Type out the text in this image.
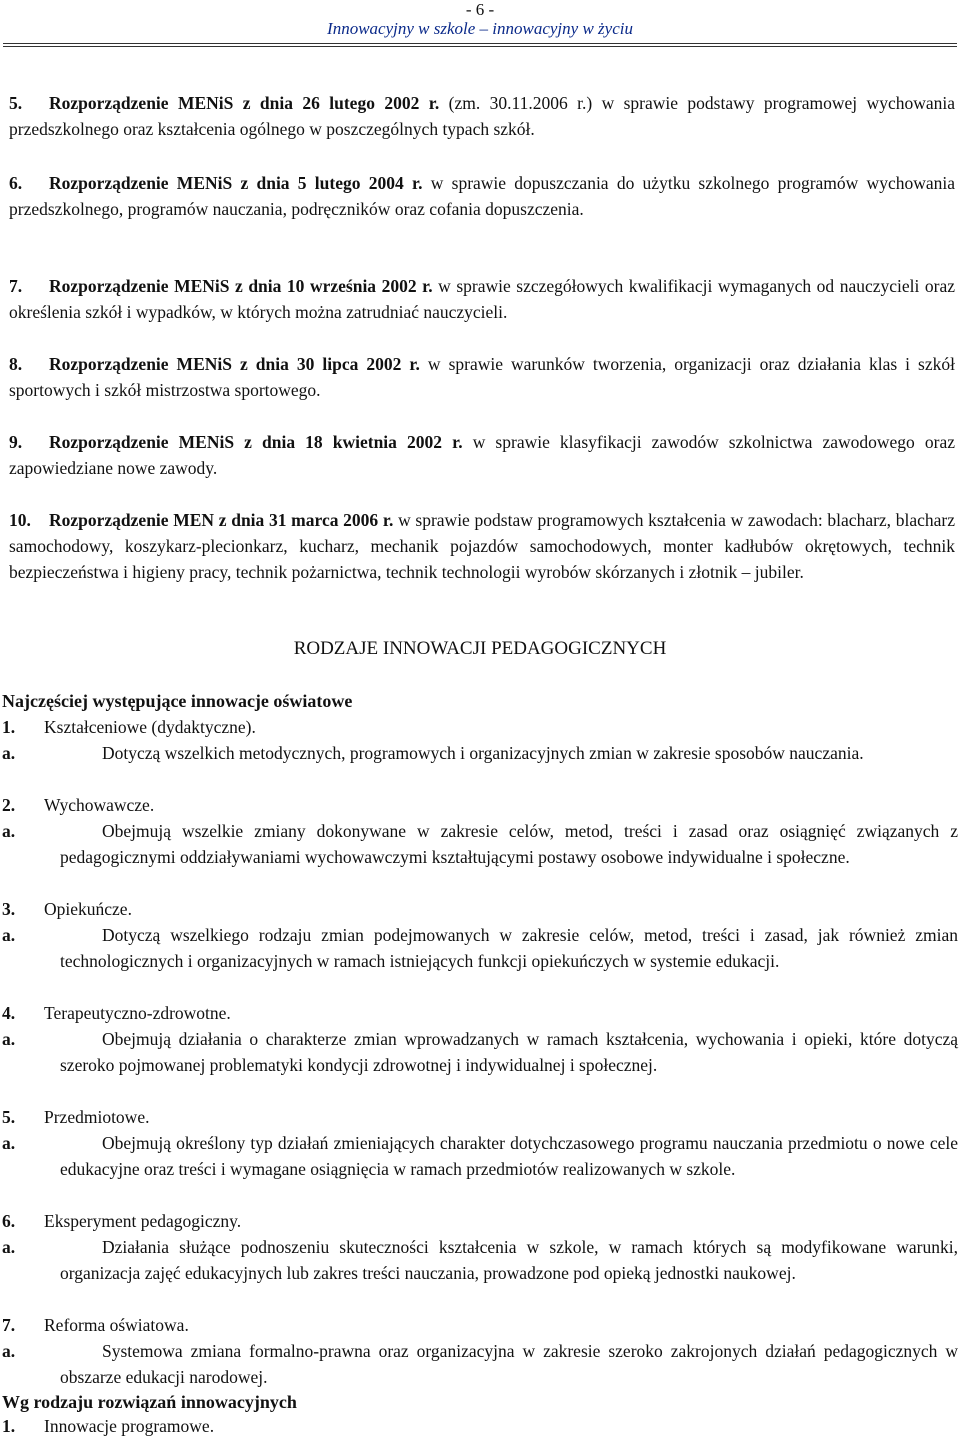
- 6 -
Innowacyjny w szkole – innowacyjny w życiu
5. Rozporządzenie MENiS z dnia 26 lutego 2002 r. (zm. 30.11.2006 r.) w sprawie podstawy programowej wychowania przedszkolnego oraz kształcenia ogólnego w poszczególnych typach szkół.
6. Rozporządzenie MENiS z dnia 5 lutego 2004 r. w sprawie dopuszczania do użytku szkolnego programów wychowania przedszkolnego, programów nauczania, podręczników oraz cofania dopuszczenia.
7. Rozporządzenie MENiS z dnia 10 września 2002 r. w sprawie szczegółowych kwalifikacji wymaganych od nauczycieli oraz określenia szkół i wypadków, w których można zatrudniać nauczycieli.
8. Rozporządzenie MENiS z dnia 30 lipca 2002 r. w sprawie warunków tworzenia, organizacji oraz działania klas i szkół sportowych i szkół mistrzostwa sportowego.
9. Rozporządzenie MENiS z dnia 18 kwietnia 2002 r. w sprawie klasyfikacji zawodów szkolnictwa zawodowego oraz zapowiedziane nowe zawody.
10. Rozporządzenie MEN z dnia 31 marca 2006 r. w sprawie podstaw programowych kształcenia w zawodach: blacharz, blacharz samochodowy, koszykarz-plecionkarz, kucharz, mechanik pojazdów samochodowych, monter kadłubów okrętowych, technik bezpieczeństwa i higieny pracy, technik pożarnictwa, technik technologii wyrobów skórzanych i złotnik – jubiler.
RODZAJE INNOWACJI PEDAGOGICZNYCH
Najczęściej występujące innowacje oświatowe
1. Kształceniowe (dydaktyczne).
a.	Dotyczą wszelkich metodycznych, programowych i organizacyjnych zmian w zakresie sposobów nauczania.
2. Wychowawcze.
a.	Obejmują wszelkie zmiany dokonywane w zakresie celów, metod, treści i zasad oraz osiągnięć związanych z pedagogicznymi oddziaływaniami wychowawczymi kształtującymi postawy osobowe indywidualne i społeczne.
3. Opiekuńcze.
a.	Dotyczą wszelkiego rodzaju zmian podejmowanych w zakresie celów, metod, treści i zasad, jak również zmian technologicznych i organizacyjnych w ramach istniejących funkcji opiekuńczych w systemie edukacji.
4. Terapeutyczno-zdrowotne.
a.	Obejmują działania o charakterze zmian wprowadzanych w ramach kształcenia, wychowania i opieki, które dotyczą szeroko pojmowanej problematyki kondycji zdrowotnej i indywidualnej i społecznej.
5. Przedmiotowe.
a.	Obejmują określony typ działań zmieniających charakter dotychczasowego programu nauczania przedmiotu o nowe cele edukacyjne oraz treści i wymagane osiągnięcia w ramach przedmiotów realizowanych w szkole.
6. Eksperyment pedagogiczny.
a.	Działania służące podnoszeniu skuteczności kształcenia w szkole, w ramach których są modyfikowane warunki, organizacja zajęć edukacyjnych lub zakres treści nauczania, prowadzone pod opieką jednostki naukowej.
7. Reforma oświatowa.
a.	Systemowa zmiana formalno-prawna oraz organizacyjna w zakresie szeroko zakrojonych działań pedagogicznych w obszarze edukacji narodowej.
Wg rodzaju rozwiązań innowacyjnych
1. Innowacje programowe.
